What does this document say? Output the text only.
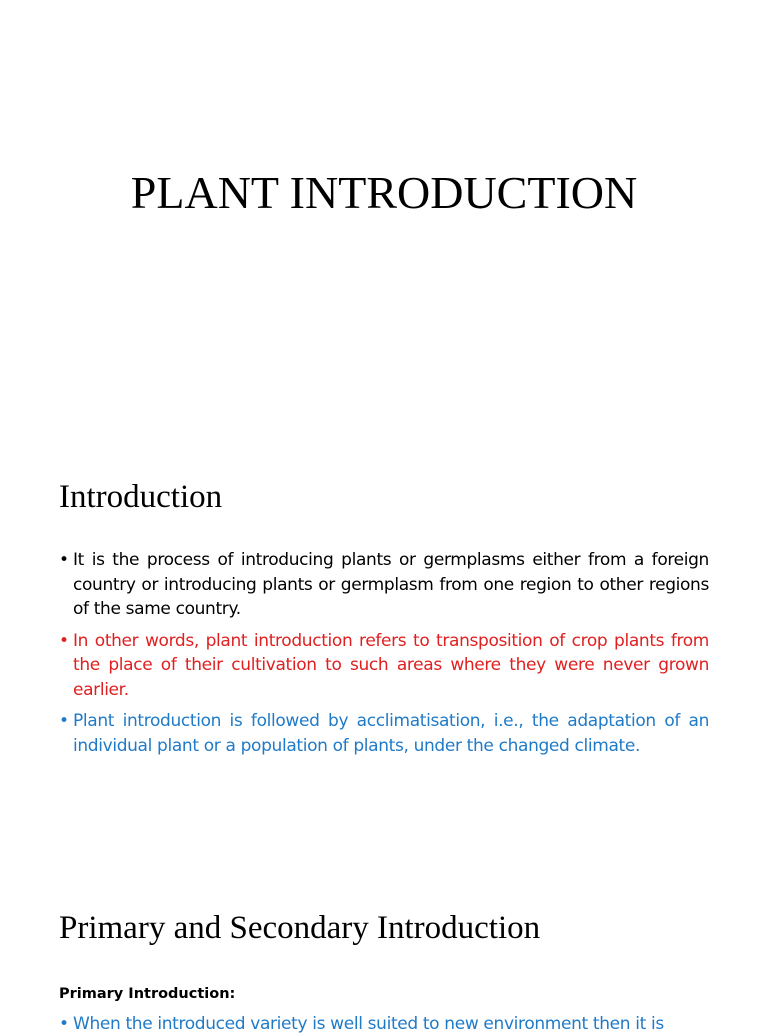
PLANT INTRODUCTION
Introduction
• It is the process of introducing plants or germplasms either from a foreign country or introducing plants or germplasm from one region to other regions of the same country.
• In other words, plant introduction refers to transposition of crop plants from the place of their cultivation to such areas where they were never grown earlier.
• Plant introduction is followed by acclimatisation, i.e., the adaptation of an individual plant or a population of plants, under the changed climate.
Primary and Secondary Introduction

Primary Introduction:

• When the introduced variety is well suited to new environment then it is
